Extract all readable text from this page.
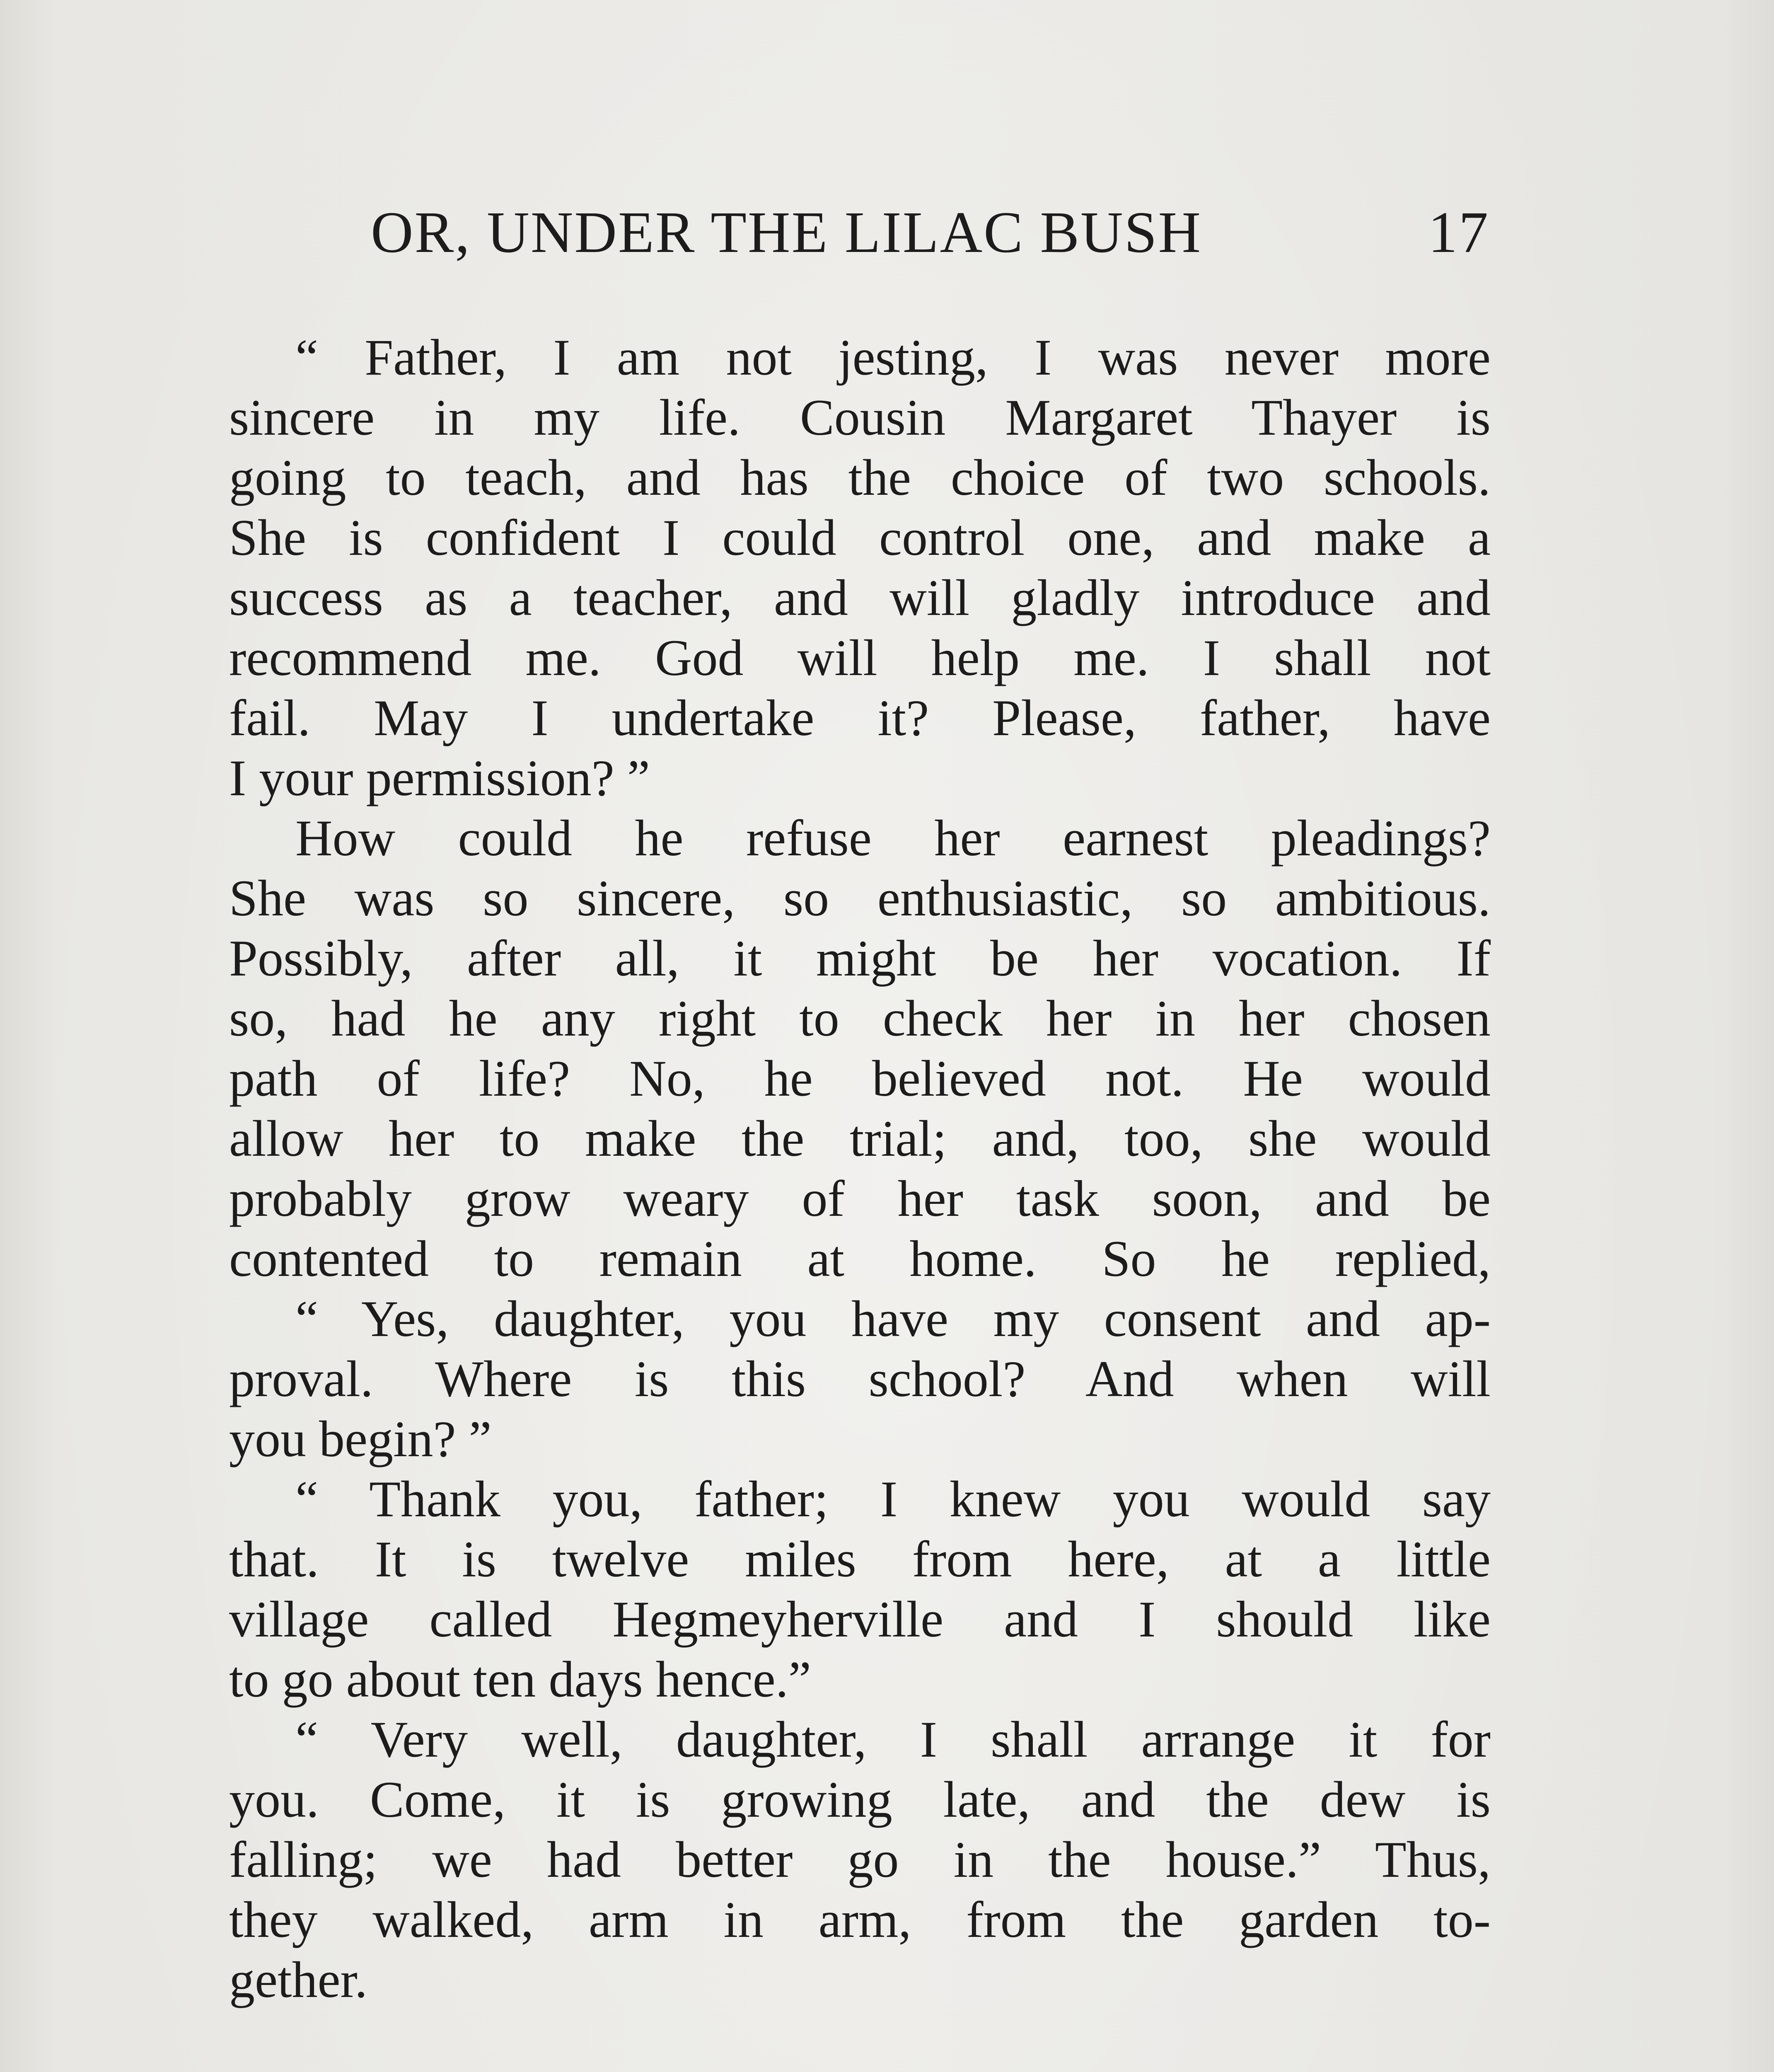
OR, UNDER THE LILAC BUSH	17
“ Father, I am not jesting, I was never more
sincere in my life. Cousin Margaret Thayer is
going to teach, and has the choice of two schools.
She is confident I could control one, and make a
success as a teacher, and will gladly introduce and
recommend me. God will help me. I shall not
fail. May I undertake it? Please, father, have
I your permission? ”
How could he refuse her earnest pleadings?
She was so sincere, so enthusiastic, so ambitious.
Possibly, after all, it might be her vocation. If
so, had he any right to check her in her chosen
path of life? No, he believed not. He would
allow her to make the trial; and, too, she would
probably grow weary of her task soon, and be
contented to remain at home. So he replied,
“ Yes, daughter, you have my consent and ap-
proval. Where is this school? And when will
you begin? ”
“ Thank you, father; I knew you would say
that. It is twelve miles from here, at a little
village called Hegmeyherville and I should like
to go about ten days hence.”
“ Very well, daughter, I shall arrange it for
you. Come, it is growing late, and the dew is
falling; we had better go in the house.” Thus,
they walked, arm in arm, from the garden to-
gether.
